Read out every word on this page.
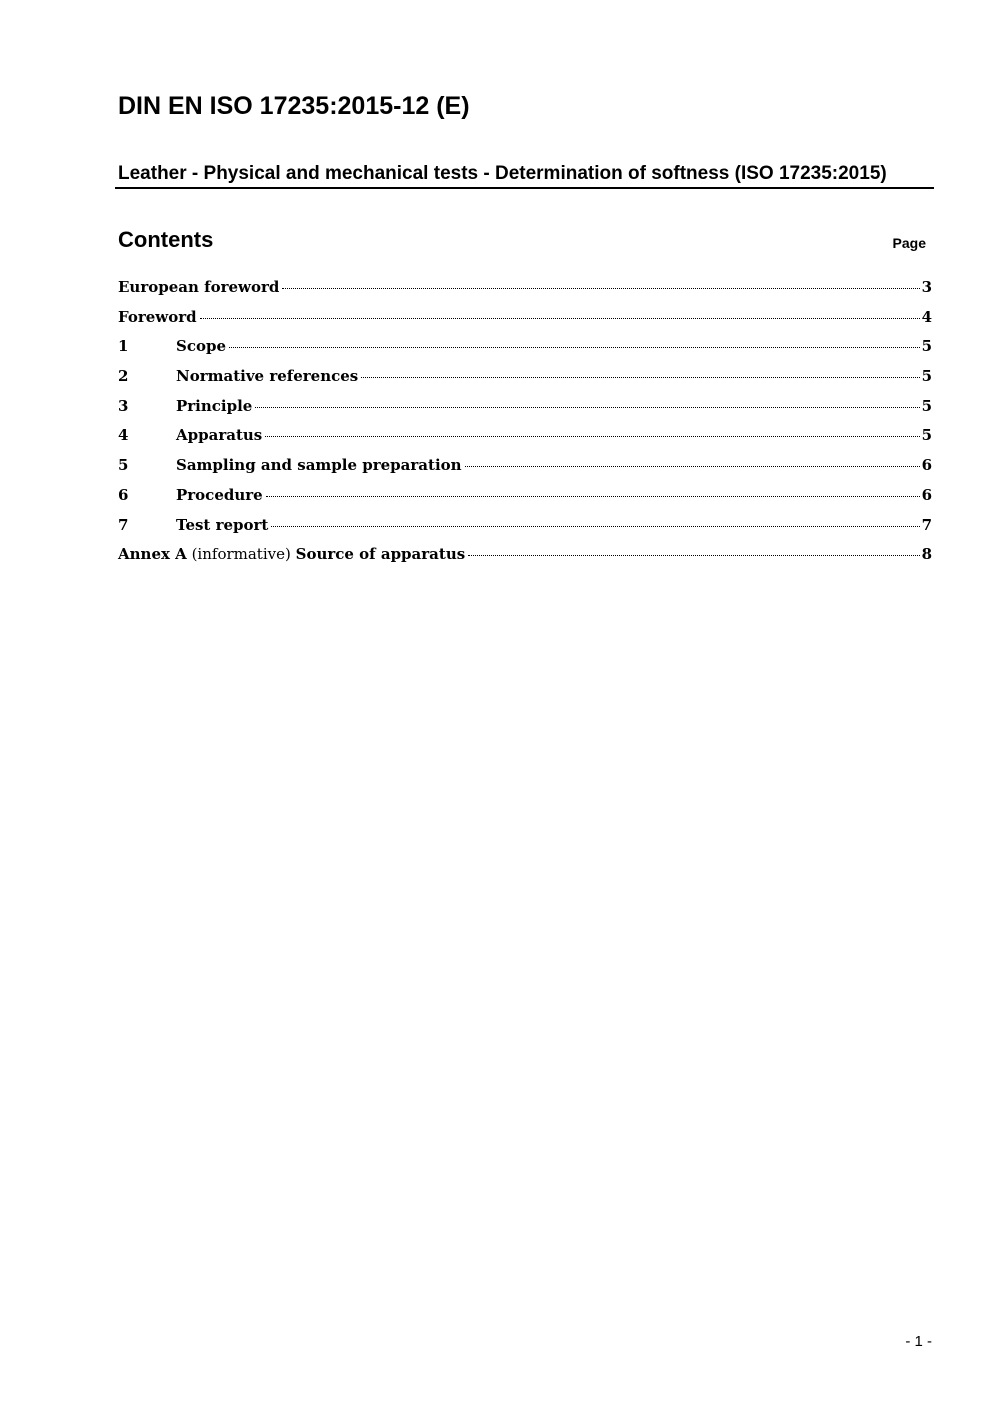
DIN EN ISO 17235:2015-12 (E)
Leather - Physical and mechanical tests - Determination of softness (ISO 17235:2015)
Contents	Page
European foreword	3
Foreword	4
1	Scope	5
2	Normative references	5
3	Principle	5
4	Apparatus	5
5	Sampling and sample preparation	6
6	Procedure	6
7	Test report	7
Annex A (informative) Source of apparatus	8
- 1 -
